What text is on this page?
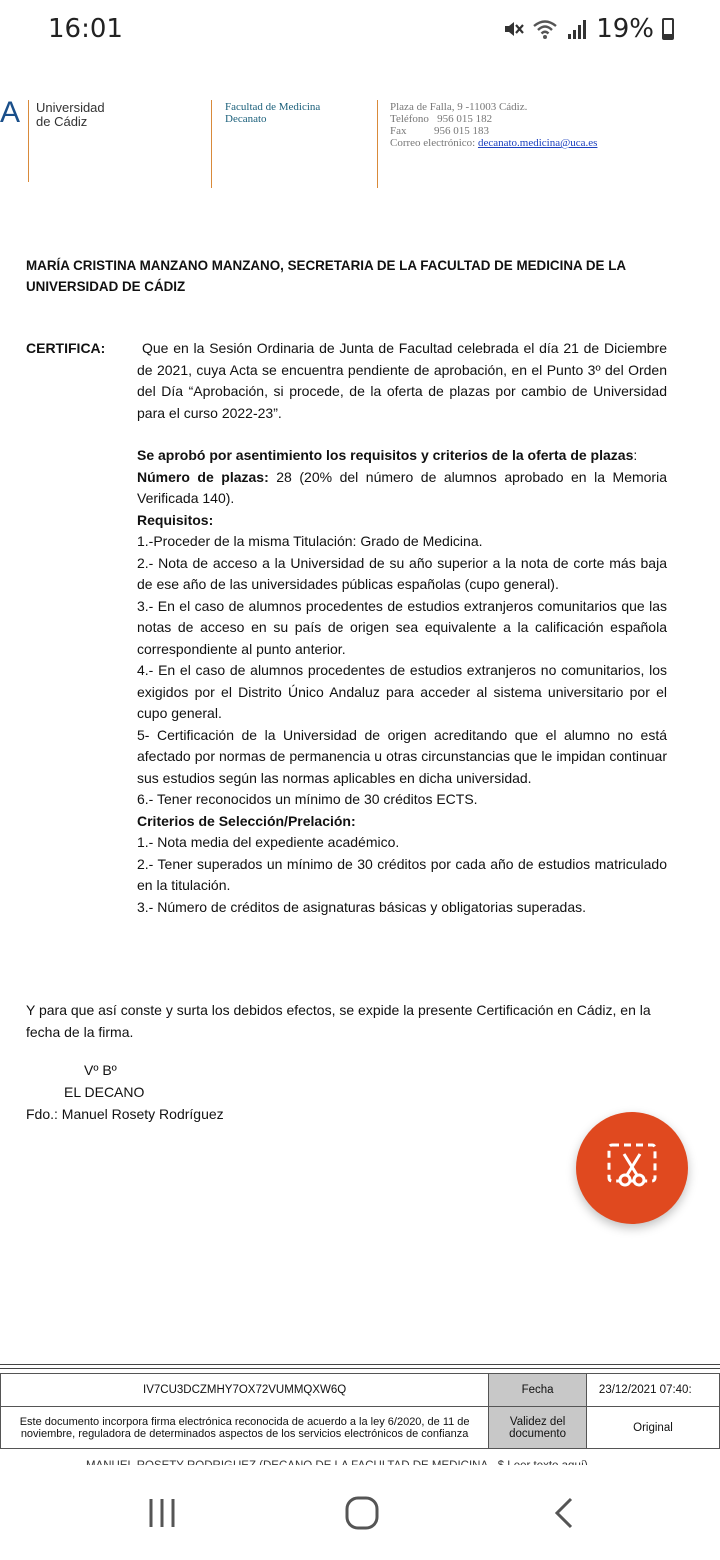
16:01	19%
A Universidad
de Cádiz
Facultad de Medicina
Decanato
Plaza de Falla, 9 -11003 Cádiz.
Teléfono   956 015 182
Fax          956 015 183
Correo electrónico: decanato.medicina@uca.es
MARÍA CRISTINA MANZANO MANZANO, SECRETARIA DE LA FACULTAD DE MEDICINA DE LA UNIVERSIDAD DE CÁDIZ
CERTIFICA:	Que en la Sesión Ordinaria de Junta de Facultad celebrada el día 21 de Diciembre de 2021, cuya Acta se encuentra pendiente de aprobación, en el Punto 3º del Orden del Día “Aprobación, si procede, de la oferta de plazas por cambio de Universidad para el curso 2022-23”.

Se aprobó por asentimiento los requisitos y criterios de la oferta de plazas:

Número de plazas: 28 (20% del número de alumnos aprobado en la Memoria Verificada 140).

Requisitos:

1.-Proceder de la misma Titulación: Grado de Medicina.

2.- Nota de acceso a la Universidad de su año superior a la nota de corte más baja de ese año de las universidades públicas españolas (cupo general).

3.- En el caso de alumnos procedentes de estudios extranjeros comunitarios que las notas de acceso en su país de origen sea equivalente a la calificación española correspondiente al punto anterior.

4.- En el caso de alumnos procedentes de estudios extranjeros no comunitarios, los exigidos por el Distrito Único Andaluz para acceder al sistema universitario por el cupo general.

5- Certificación de la Universidad de origen acreditando que el alumno no está afectado por normas de permanencia u otras circunstancias que le impidan continuar sus estudios según las normas aplicables en dicha universidad.

6.- Tener reconocidos un mínimo de 30 créditos ECTS.

Criterios de Selección/Prelación:

1.- Nota media del expediente académico.

2.- Tener superados un mínimo de 30 créditos por cada año de estudios matriculado en la titulación.

3.- Número de créditos de asignaturas básicas y obligatorias superadas.

Y para que así conste y surta los debidos efectos, se expide la presente Certificación en Cádiz, en la fecha de la firma.
Vº Bº
EL DECANO
Fdo.: Manuel Rosety Rodríguez
IV7CU3DCZMHY7OX72VUMMQXW6Q	Fecha	23/12/2021 07:40:
Este documento incorpora firma electrónica reconocida de acuerdo a la ley 6/2020, de 11 de noviembre, reguladora de determinados aspectos de los servicios electrónicos de confianza	Validez del documento	Original
